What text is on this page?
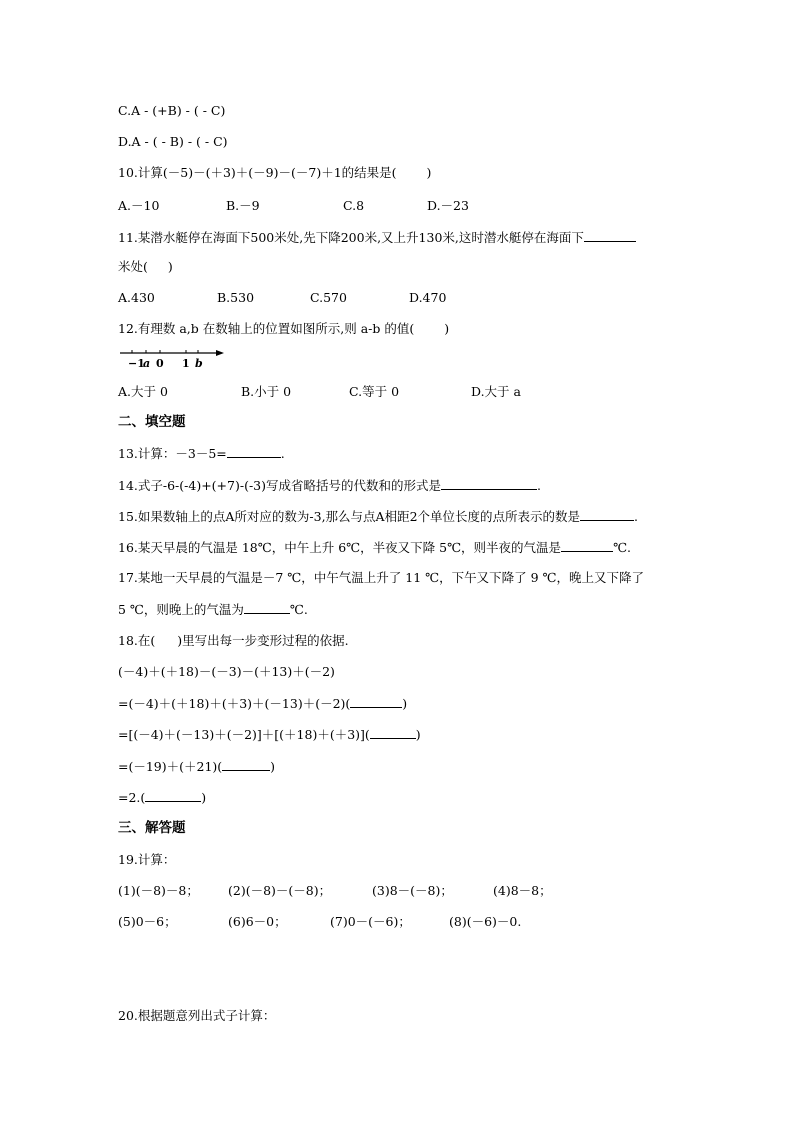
C.A - (+B) - ( - C)
D.A - ( - B) - ( - C)
10.计算(－5)－(＋3)＋(－9)－(－7)＋1的结果是( )
A.－10	B.－9	C.8	D.－23
11.某潜水艇停在海面下500米处,先下降200米,又上升130米,这时潜水艇停在海面下
米处( )
A.430	B.530	C.570	D.470
12.有理数 a,b 在数轴上的位置如图所示,则 a-b 的值( )
−1
a 0 1 b
A.大于 0	B.小于 0	C.等于 0	D.大于 a
二、填空题
13.计算：－3－5=	.
14.式子-6-(-4)+(+7)-(-3)写成省略括号的代数和的形式是	.
15.如果数轴上的点A所对应的数为-3,那么与点A相距2个单位长度的点所表示的数是	.
16.某天早晨的气温是 18℃，中午上升 6℃，半夜又下降 5℃，则半夜的气温是	℃.
17.某地一天早晨的气温是－7 ℃，中午气温上升了 11 ℃，下午又下降了 9 ℃，晚上又下降了
5 ℃，则晚上的气温为	℃.
18.在( )里写出每一步变形过程的依据.
(－4)＋(＋18)－(－3)－(＋13)＋(－2)
=(－4)＋(＋18)＋(＋3)＋(－13)＋(－2)(	)
=[(－4)＋(－13)＋(－2)]＋[(＋18)＋(＋3)](	)
=(－19)＋(＋21)(	)
=2.(	)
三、解答题
19.计算：
(1)(－8)－8； (2)(－8)－(－8)；	(3)8－(－8)；	(4)8－8；
(5)0－6；	(6)6－0；	(7)0－(－6)；	(8)(－6)－0.
20.根据题意列出式子计算：
